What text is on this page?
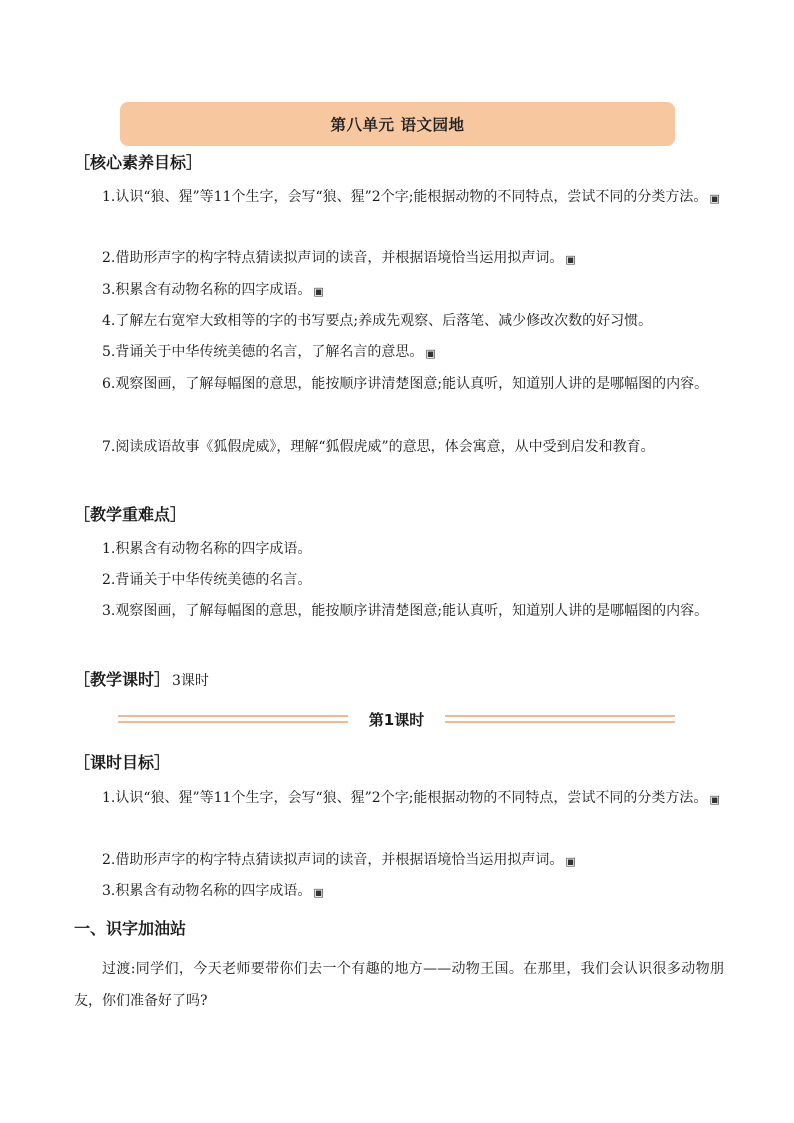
第八单元 语文园地
［核心素养目标］

1.认识“狼、猩”等11个生字，会写“狼、猩”2个字;能根据动物的不同特点，尝试不同的分类方法。 ▣

2.借助形声字的构字特点猜读拟声词的读音，并根据语境恰当运用拟声词。 ▣

3.积累含有动物名称的四字成语。 ▣

4.了解左右宽窄大致相等的字的书写要点;养成先观察、后落笔、减少修改次数的好习惯。

5.背诵关于中华传统美德的名言，了解名言的意思。 ▣

6.观察图画，了解每幅图的意思，能按顺序讲清楚图意;能认真听，知道别人讲的是哪幅图的内容。

7.阅读成语故事《狐假虎威》，理解“狐假虎威”的意思，体会寓意，从中受到启发和教育。

［教学重难点］

1.积累含有动物名称的四字成语。

2.背诵关于中华传统美德的名言。

3.观察图画，了解每幅图的意思，能按顺序讲清楚图意;能认真听，知道别人讲的是哪幅图的内容。

［教学课时］ 3课时
第1课时
［课时目标］

1.认识“狼、猩”等11个生字，会写“狼、猩”2个字;能根据动物的不同特点，尝试不同的分类方法。 ▣

2.借助形声字的构字特点猜读拟声词的读音，并根据语境恰当运用拟声词。 ▣

3.积累含有动物名称的四字成语。 ▣

一、识字加油站

过渡:同学们，今天老师要带你们去一个有趣的地方——动物王国。在那里，我们会认识很多动物朋友，你们准备好了吗?
